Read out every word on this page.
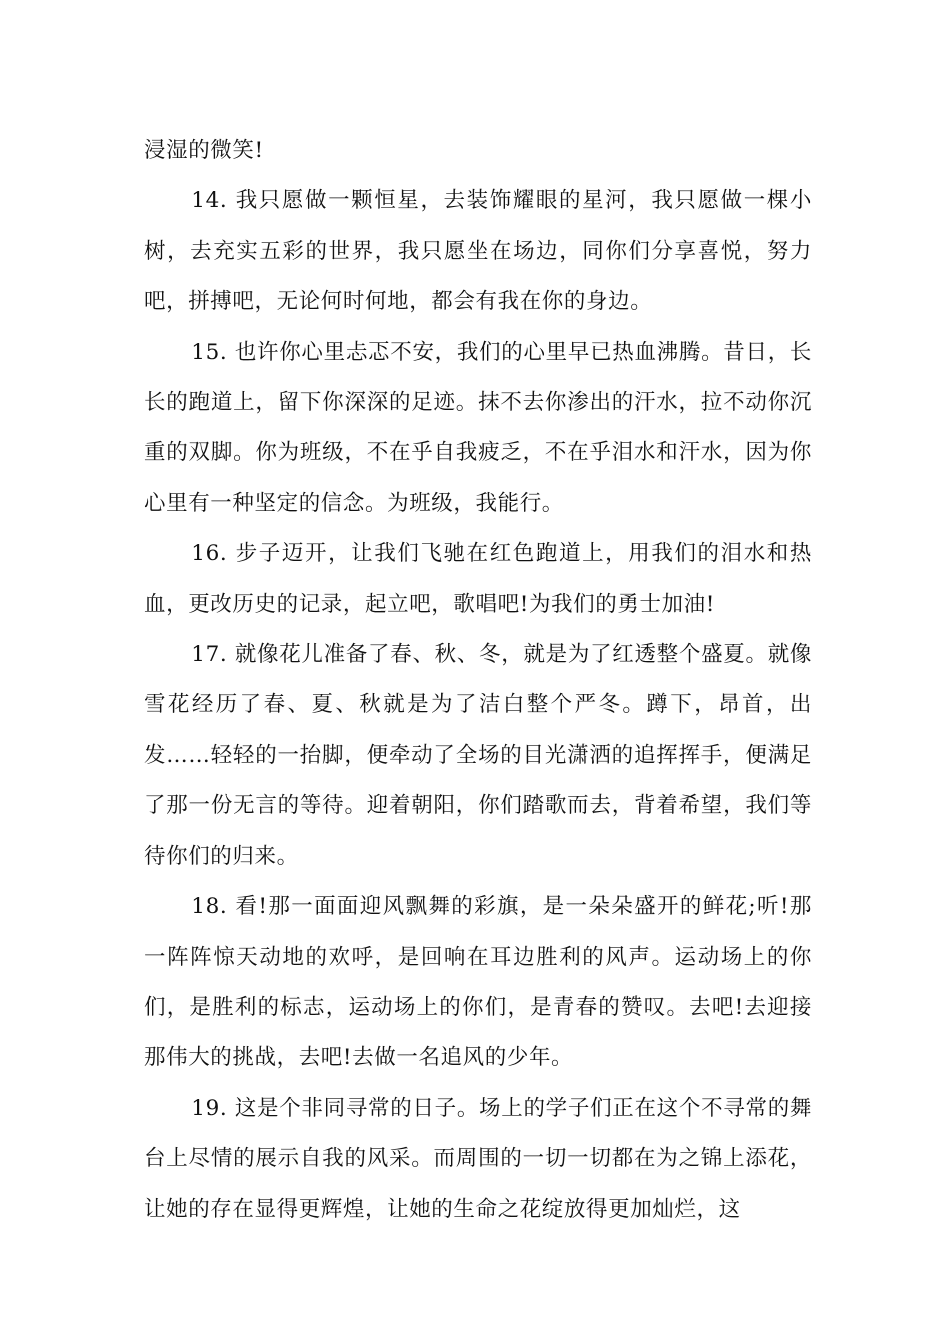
浸湿的微笑!

14. 我只愿做一颗恒星，去装饰耀眼的星河，我只愿做一棵小树，去充实五彩的世界，我只愿坐在场边，同你们分享喜悦，努力吧，拼搏吧，无论何时何地，都会有我在你的身边。

15. 也许你心里忐忑不安，我们的心里早已热血沸腾。昔日，长长的跑道上，留下你深深的足迹。抹不去你渗出的汗水，拉不动你沉重的双脚。你为班级，不在乎自我疲乏，不在乎泪水和汗水，因为你心里有一种坚定的信念。为班级，我能行。

16. 步子迈开，让我们飞驰在红色跑道上，用我们的泪水和热血，更改历史的记录，起立吧，歌唱吧!为我们的勇士加油!

17. 就像花儿准备了春、秋、冬，就是为了红透整个盛夏。就像雪花经历了春、夏、秋就是为了洁白整个严冬。蹲下，昂首，出发……轻轻的一抬脚，便牵动了全场的目光潇洒的追挥挥手，便满足了那一份无言的等待。迎着朝阳，你们踏歌而去，背着希望，我们等待你们的归来。

18. 看!那一面面迎风飘舞的彩旗，是一朵朵盛开的鲜花;听!那一阵阵惊天动地的欢呼，是回响在耳边胜利的风声。运动场上的你们，是胜利的标志，运动场上的你们，是青春的赞叹。去吧!去迎接那伟大的挑战，去吧!去做一名追风的少年。

19. 这是个非同寻常的日子。场上的学子们正在这个不寻常的舞台上尽情的展示自我的风采。而周围的一切一切都在为之锦上添花，让她的存在显得更辉煌，让她的生命之花绽放得更加灿烂，这
